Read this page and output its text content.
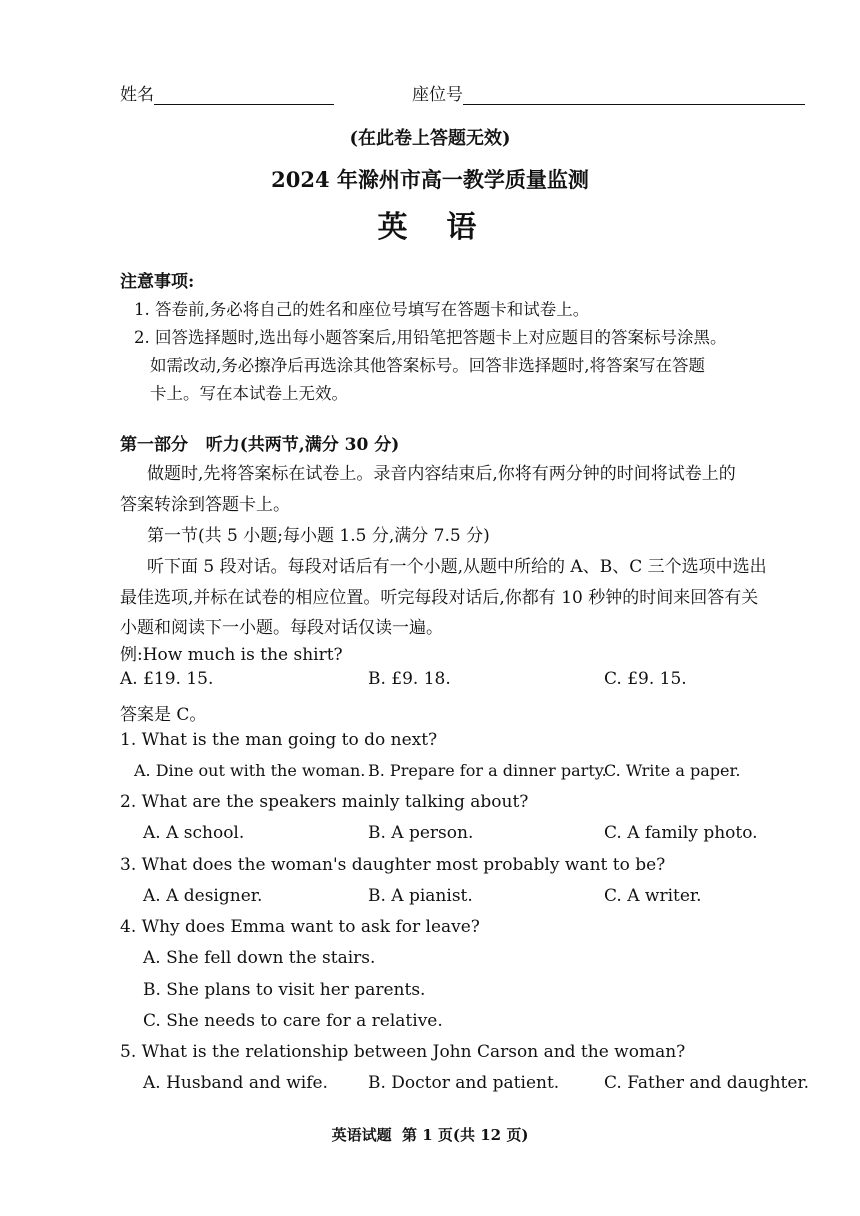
姓名	座位号
(在此卷上答题无效)
2024 年滁州市高一教学质量监测
英  语
注意事项:
1. 答卷前,务必将自己的姓名和座位号填写在答题卡和试卷上。
2. 回答选择题时,选出每小题答案后,用铅笔把答题卡上对应题目的答案标号涂黑。
如需改动,务必擦净后再选涂其他答案标号。回答非选择题时,将答案写在答题
卡上。写在本试卷上无效。
第一部分   听力(共两节,满分 30 分)
做题时,先将答案标在试卷上。录音内容结束后,你将有两分钟的时间将试卷上的
答案转涂到答题卡上。
第一节(共 5 小题;每小题 1.5 分,满分 7.5 分)
听下面 5 段对话。每段对话后有一个小题,从题中所给的 A、B、C 三个选项中选出
最佳选项,并标在试卷的相应位置。听完每段对话后,你都有 10 秒钟的时间来回答有关
小题和阅读下一小题。每段对话仅读一遍。
例:How much is the shirt?
A. £19. 15.	B. £9. 18.	C. £9. 15.
答案是 C。
1. What is the man going to do next?
A. Dine out with the woman. B. Prepare for a dinner party.
C. Write a paper.
2. What are the speakers mainly talking about?
A. A school.	B. A person.	C. A family photo.
3. What does the woman's daughter most probably want to be?
A. A designer.	B. A pianist.	C. A writer.
4. Why does Emma want to ask for leave?
A. She fell down the stairs.
B. She plans to visit her parents.
C. She needs to care for a relative.
5. What is the relationship between John Carson and the woman?
A. Husband and wife. B. Doctor and patient.	C. Father and daughter.
英语试题  第 1 页(共 12 页)
